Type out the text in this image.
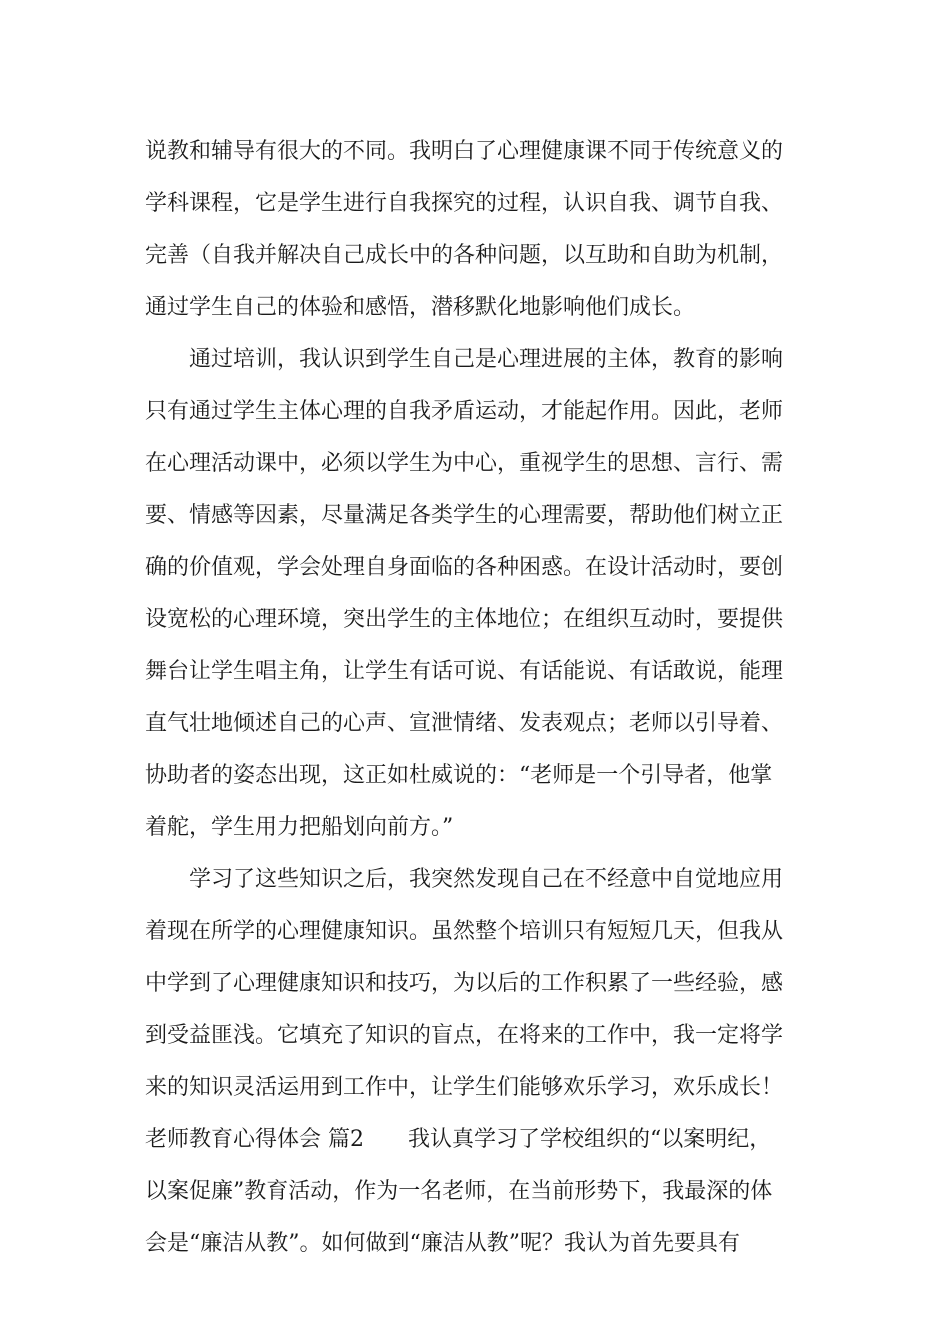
说教和辅导有很大的不同。我明白了心理健康课不同于传统意义的
学科课程，它是学生进行自我探究的过程，认识自我、调节自我、
完善（自我并解决自己成长中的各种问题，以互助和自助为机制，
通过学生自己的体验和感悟，潜移默化地影响他们成长。
通过培训，我认识到学生自己是心理进展的主体，教育的影响
只有通过学生主体心理的自我矛盾运动，才能起作用。因此，老师
在心理活动课中，必须以学生为中心，重视学生的思想、言行、需
要、情感等因素，尽量满足各类学生的心理需要，帮助他们树立正
确的价值观，学会处理自身面临的各种困惑。在设计活动时，要创
设宽松的心理环境，突出学生的主体地位；在组织互动时，要提供
舞台让学生唱主角，让学生有话可说、有话能说、有话敢说，能理
直气壮地倾述自己的心声、宣泄情绪、发表观点；老师以引导着、
协助者的姿态出现，这正如杜威说的：“老师是一个引导者，他掌
着舵，学生用力把船划向前方。”
学习了这些知识之后，我突然发现自己在不经意中自觉地应用
着现在所学的心理健康知识。虽然整个培训只有短短几天，但我从
中学到了心理健康知识和技巧，为以后的工作积累了一些经验，感
到受益匪浅。它填充了知识的盲点，在将来的工作中，我一定将学
来的知识灵活运用到工作中，让学生们能够欢乐学习，欢乐成长！
老师教育心得体会 篇2 我认真学习了学校组织的“以案明纪，
以案促廉”教育活动，作为一名老师，在当前形势下，我最深的体
会是“廉洁从教”。如何做到“廉洁从教”呢？我认为首先要具有
